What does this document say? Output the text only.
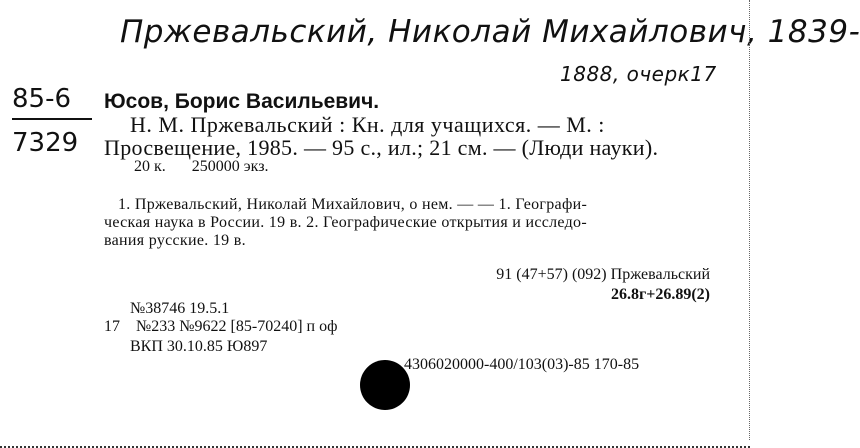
Пржевальский, Николай Михайлович, 1839-
1888, очерк17
85-6
7329
Юсов, Борис Васильевич.
Н. М. Пржевальский : Кн. для учащихся. — М. :
Просвещение, 1985. — 95 с., ил.; 21 см. — (Люди науки).
20 к. 250000 экз.
1. Пржевальский, Николай Михайлович, о нем. — — 1. Географи-
ческая наука в России. 19 в. 2. Географические открытия и исследо-
вания русские. 19 в.
91 (47+57) (092) Пржевальский
26.8г+26.89(2)
№38746 19.5.1
17 №233 №9622 [85-70240] п оф
ВКП 30.10.85 Ю897
4306020000-400/103(03)-85 170-85
